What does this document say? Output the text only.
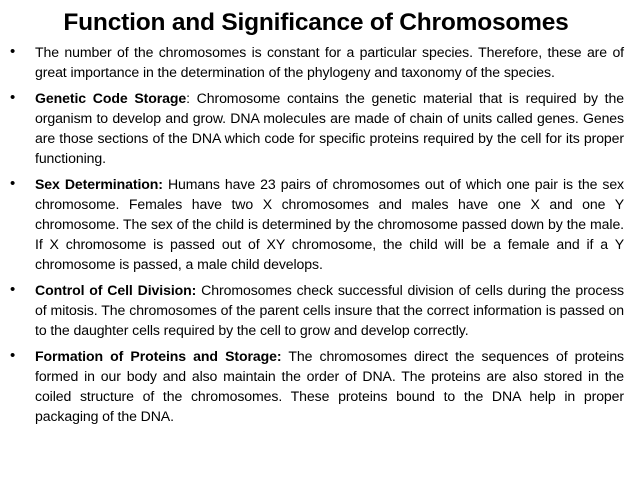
Function and Significance of Chromosomes
•	The number of the chromosomes is constant for a particular species. Therefore, these are of great importance in the determination of the phylogeny and taxonomy of the species.
•	Genetic Code Storage: Chromosome contains the genetic material that is required by the organism to develop and grow. DNA molecules are made of chain of units called genes. Genes are those sections of the DNA which code for specific proteins required by the cell for its proper functioning.
•	Sex Determination: Humans have 23 pairs of chromosomes out of which one pair is the sex chromosome. Females have two X chromosomes and males have one X and one Y chromosome. The sex of the child is determined by the chromosome passed down by the male. If X chromosome is passed out of XY chromosome, the child will be a female and if a Y chromosome is passed, a male child develops.
•	Control of Cell Division: Chromosomes check successful division of cells during the process of mitosis. The chromosomes of the parent cells insure that the correct information is passed on to the daughter cells required by the cell to grow and develop correctly.
•	Formation of Proteins and Storage: The chromosomes direct the sequences of proteins formed in our body and also maintain the order of DNA. The proteins are also stored in the coiled structure of the chromosomes. These proteins bound to the DNA help in proper packaging of the DNA.
